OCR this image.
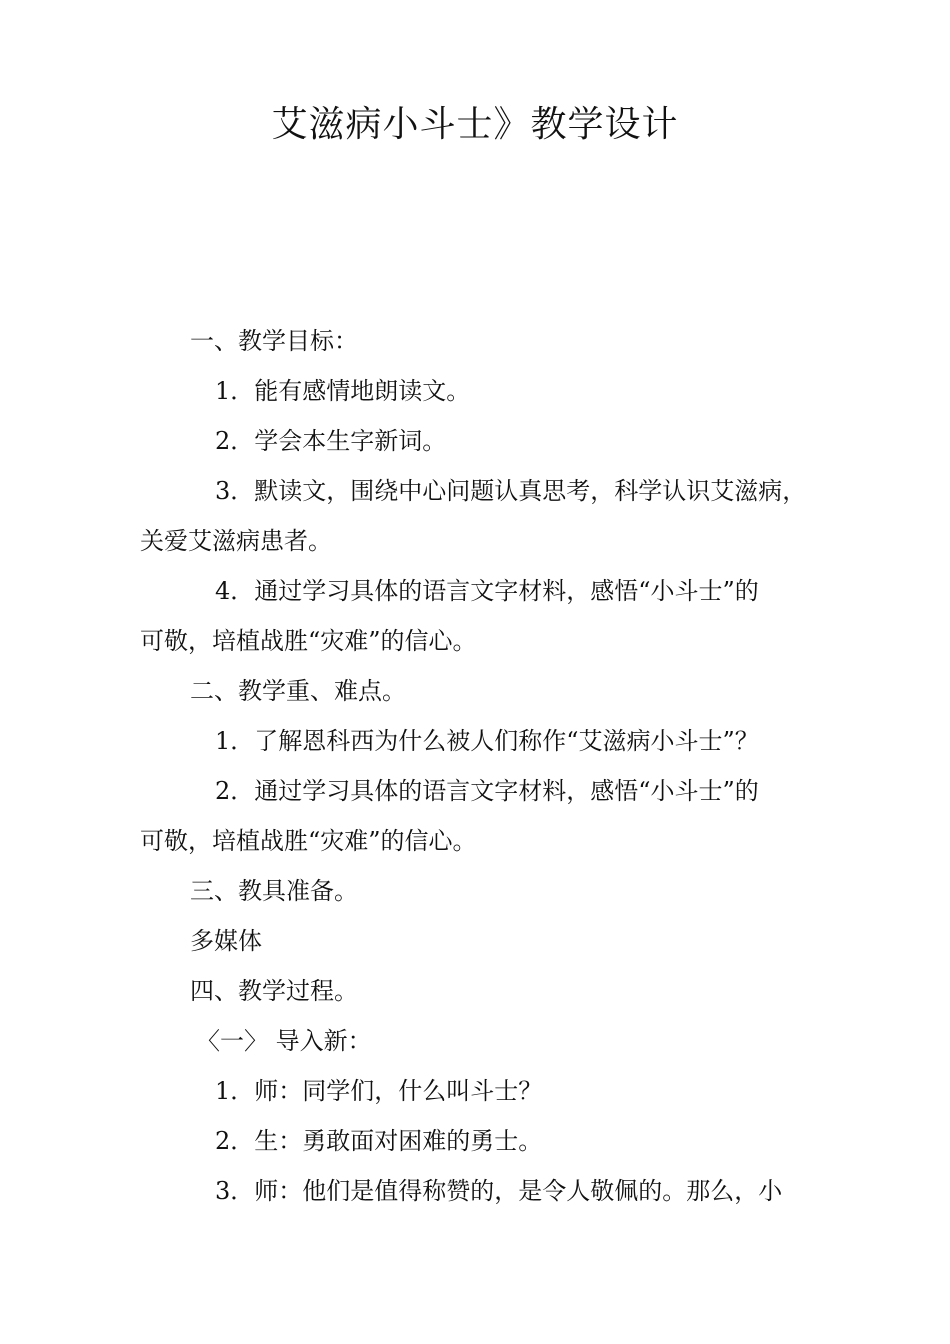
艾滋病小斗士》教学设计
一、教学目标：
1．能有感情地朗读文。
2．学会本生字新词。
3．默读文，围绕中心问题认真思考，科学认识艾滋病，
关爱艾滋病患者。
4．通过学习具体的语言文字材料，感悟“小斗士”的
可敬，培植战胜“灾难”的信心。
二、教学重、难点。
1．了解恩科西为什么被人们称作“艾滋病小斗士”？
2．通过学习具体的语言文字材料，感悟“小斗士”的
可敬，培植战胜“灾难”的信心。
三、教具准备。
多媒体
四、教学过程。
〈一〉 导入新：
1．师：同学们，什么叫斗士？
2．生：勇敢面对困难的勇士。
3．师：他们是值得称赞的，是令人敬佩的。那么，小
